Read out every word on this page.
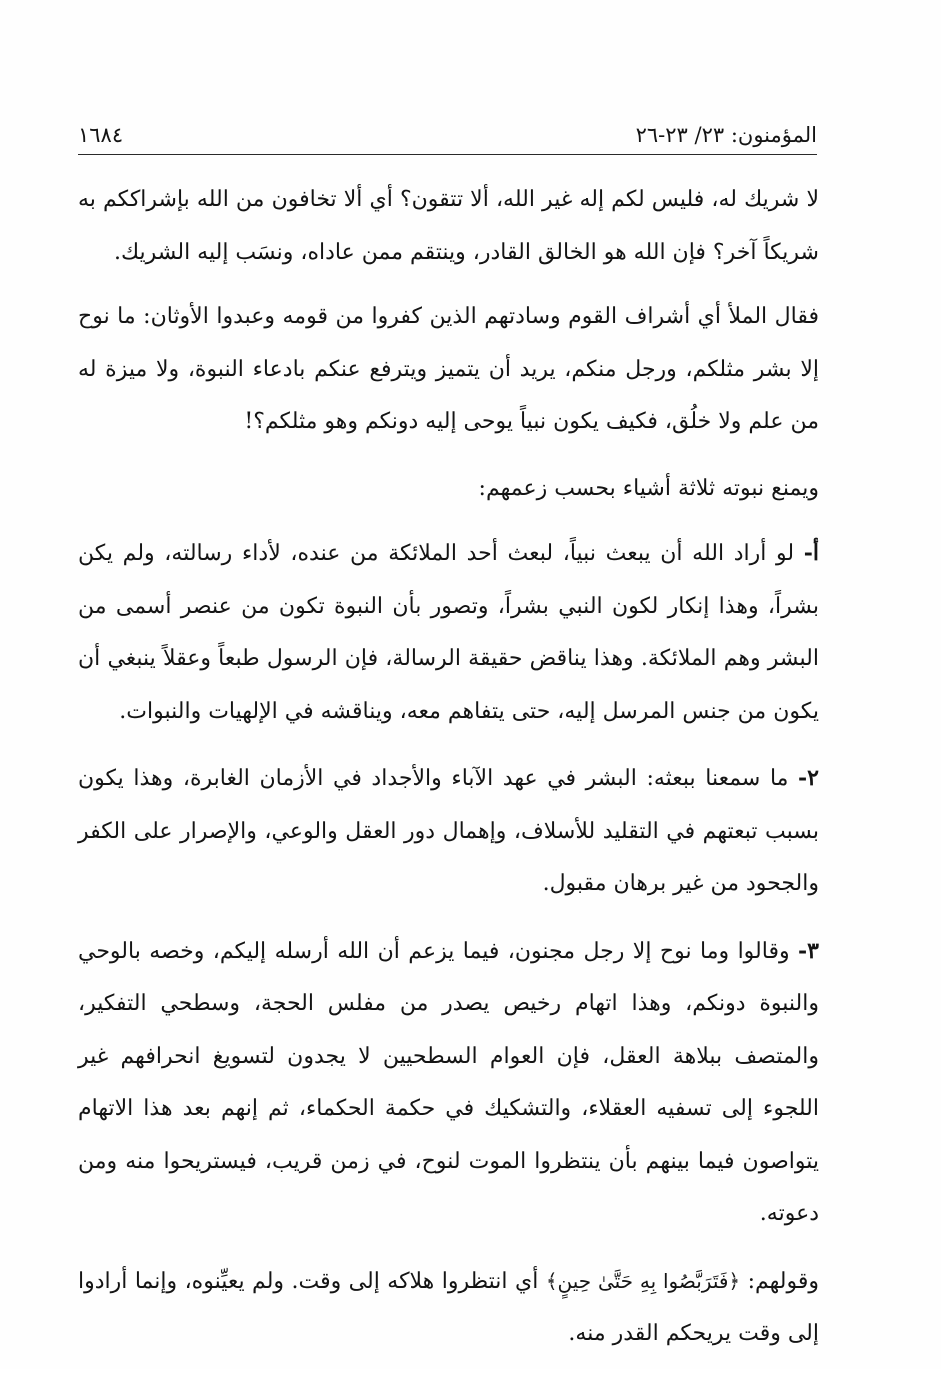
المؤمنون: ٢٣/ ٢٣-٢٦
١٦٨٤

لا شريك له، فليس لكم إله غير الله، ألا تتقون؟ أي ألا تخافون من الله بإشراككم به شريكاً آخر؟ فإن الله هو الخالق القادر، وينتقم ممن عاداه، ونسَب إليه الشريك.

فقال الملأ أي أشراف القوم وسادتهم الذين كفروا من قومه وعبدوا الأوثان: ما نوح إلا بشر مثلكم، ورجل منكم، يريد أن يتميز ويترفع عنكم بادعاء النبوة، ولا ميزة له من علم ولا خلُق، فكيف يكون نبياً يوحى إليه دونكم وهو مثلكم؟!

ويمنع نبوته ثلاثة أشياء بحسب زعمهم:

أ- لو أراد الله أن يبعث نبياً، لبعث أحد الملائكة من عنده، لأداء رسالته، ولم يكن بشراً، وهذا إنكار لكون النبي بشراً، وتصور بأن النبوة تكون من عنصر أسمى من البشر وهم الملائكة. وهذا يناقض حقيقة الرسالة، فإن الرسول طبعاً وعقلاً ينبغي أن يكون من جنس المرسل إليه، حتى يتفاهم معه، ويناقشه في الإلهيات والنبوات.

٢- ما سمعنا ببعثه: البشر في عهد الآباء والأجداد في الأزمان الغابرة، وهذا يكون بسبب تبعتهم في التقليد للأسلاف، وإهمال دور العقل والوعي، والإصرار على الكفر والجحود من غير برهان مقبول.

٣- وقالوا وما نوح إلا رجل مجنون، فيما يزعم أن الله أرسله إليكم، وخصه بالوحي والنبوة دونكم، وهذا اتهام رخيص يصدر من مفلس الحجة، وسطحي التفكير، والمتصف ببلاهة العقل، فإن العوام السطحيين لا يجدون لتسويغ انحرافهم غير اللجوء إلى تسفيه العقلاء، والتشكيك في حكمة الحكماء، ثم إنهم بعد هذا الاتهام يتواصون فيما بينهم بأن ينتظروا الموت لنوح، في زمن قريب، فيستريحوا منه ومن دعوته.

وقولهم: ﴿فَتَرَبَّصُوا بِهِ حَتَّىٰ حِينٍ﴾ أي انتظروا هلاكه إلى وقت. ولم يعيِّنوه، وإنما أرادوا إلى وقت يريحكم القدر منه.
